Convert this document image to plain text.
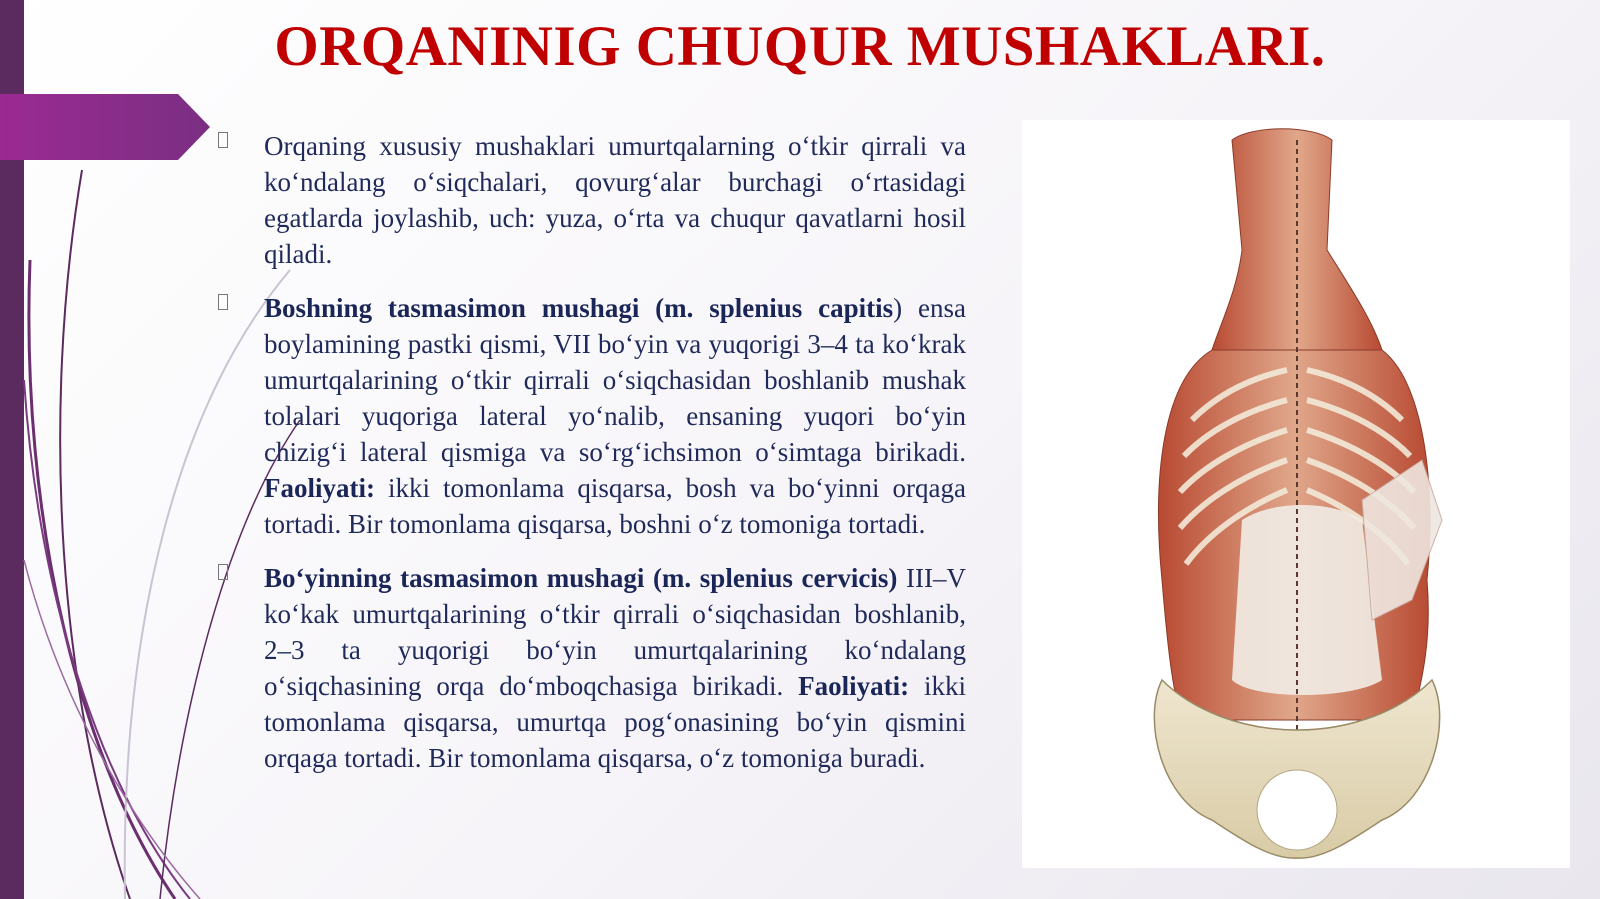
ORQANINIG CHUQUR MUSHAKLARI.
Orqaning xususiy mushaklari umurtqalarning o‘tkir qirrali va ko‘ndalang o‘siqchalari, qovurg‘alar burchagi o‘rtasidagi egatlarda joylashib, uch: yuza, o‘rta va chuqur qavatlarni hosil qiladi.
Boshning tasmasimon mushagi (m. splenius capitis) ensa boylamining pastki qismi, VII bo‘yin va yuqorigi 3–4 ta ko‘krak umurtqalarining o‘tkir qirrali o‘siqchasidan boshlanib mushak tolalari yuqoriga lateral yo‘nalib, ensaning yuqori bo‘yin chizig‘i lateral qismiga va so‘rg‘ichsimon o‘simtaga birikadi. Faoliyati: ikki tomonlama qisqarsa, bosh va bo‘yinni orqaga tortadi. Bir tomonlama qisqarsa, boshni o‘z tomoniga tortadi.
Bo‘yinning tasmasimon mushagi (m. splenius cervicis) III–V ko‘kak umurtqalarining o‘tkir qirrali o‘siqchasidan boshlanib, 2–3 ta yuqorigi bo‘yin umurtqalarining ko‘ndalang o‘siqchasining orqa do‘mboqchasiga birikadi. Faoliyati: ikki tomonlama qisqarsa, umurtqa pog‘onasining bo‘yin qismini orqaga tortadi. Bir tomonlama qisqarsa, o‘z tomoniga buradi.
